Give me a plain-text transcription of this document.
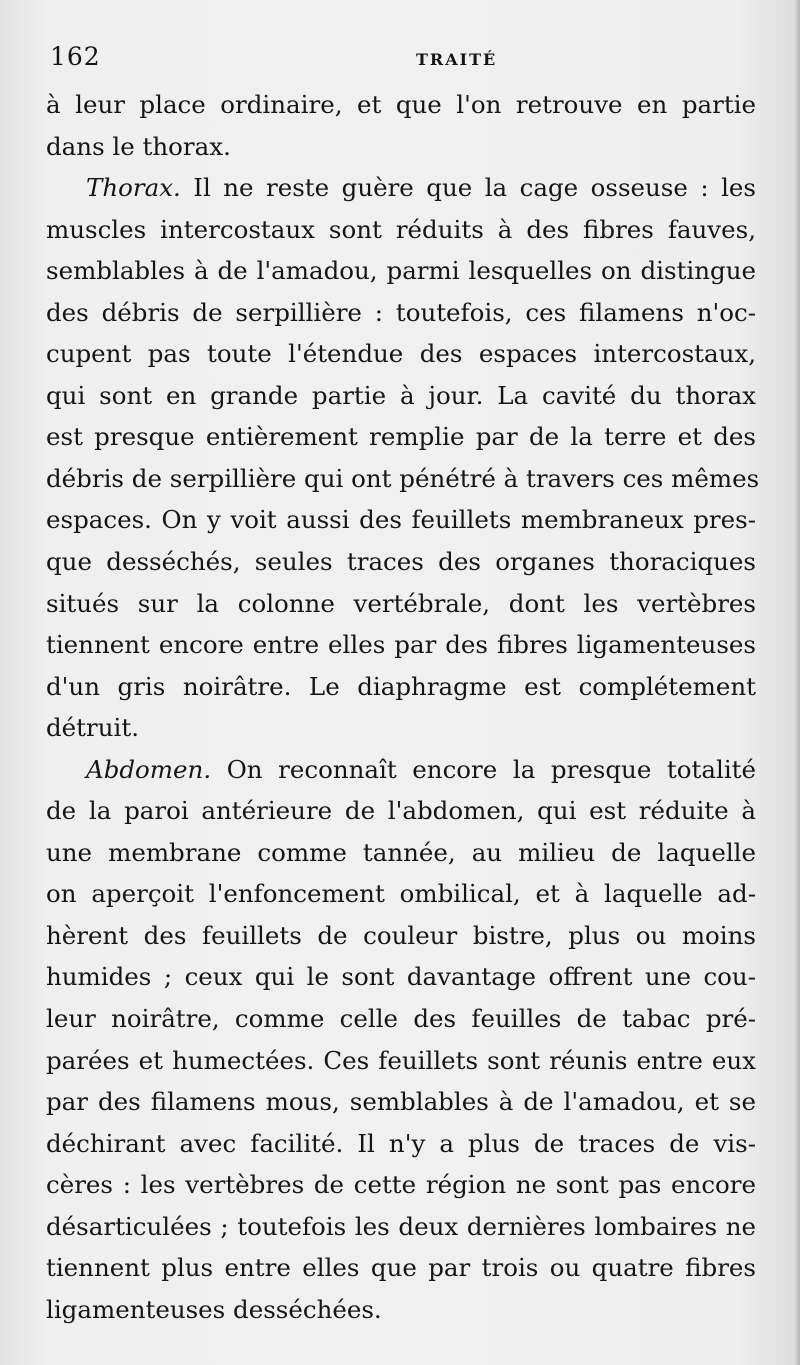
162	TRAITÉ
à leur place ordinaire, et que l'on retrouve en partie
dans le thorax.
Thorax. Il ne reste guère que la cage osseuse : les
muscles intercostaux sont réduits à des fibres fauves,
semblables à de l'amadou, parmi lesquelles on distingue
des débris de serpillière : toutefois, ces filamens n'oc-
cupent pas toute l'étendue des espaces intercostaux,
qui sont en grande partie à jour. La cavité du thorax
est presque entièrement remplie par de la terre et des
débris de serpillière qui ont pénétré à travers ces mêmes
espaces. On y voit aussi des feuillets membraneux pres-
que desséchés, seules traces des organes thoraciques
situés sur la colonne vertébrale, dont les vertèbres
tiennent encore entre elles par des fibres ligamenteuses
d'un gris noirâtre. Le diaphragme est complétement
détruit.
Abdomen. On reconnaît encore la presque totalité
de la paroi antérieure de l'abdomen, qui est réduite à
une membrane comme tannée, au milieu de laquelle
on aperçoit l'enfoncement ombilical, et à laquelle ad-
hèrent des feuillets de couleur bistre, plus ou moins
humides ; ceux qui le sont davantage offrent une cou-
leur noirâtre, comme celle des feuilles de tabac pré-
parées et humectées. Ces feuillets sont réunis entre eux
par des filamens mous, semblables à de l'amadou, et se
déchirant avec facilité. Il n'y a plus de traces de vis-
cères : les vertèbres de cette région ne sont pas encore
désarticulées ; toutefois les deux dernières lombaires ne
tiennent plus entre elles que par trois ou quatre fibres
ligamenteuses desséchées.
